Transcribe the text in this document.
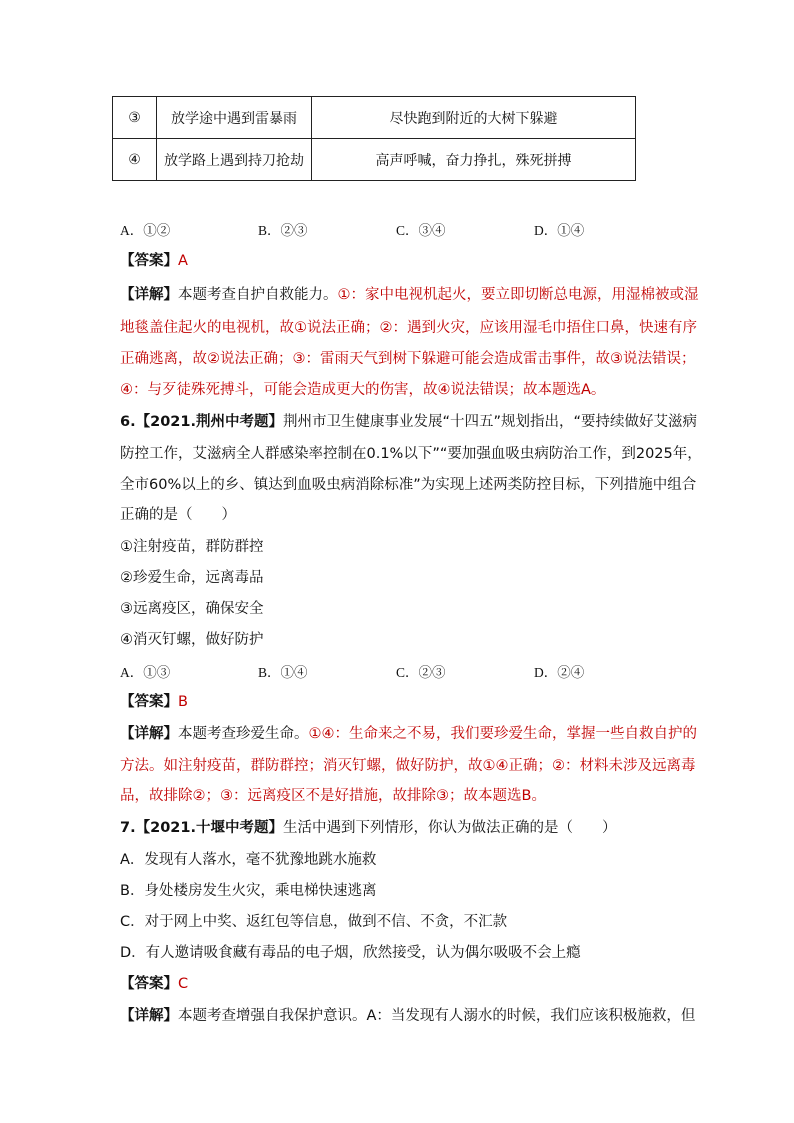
③	放学途中遇到雷暴雨	尽快跑到附近的大树下躲避
④	放学路上遇到持刀抢劫	高声呼喊，奋力挣扎，殊死拼搏
A．①②	B．②③	C．③④	D．①④
【答案】A
【详解】本题考查自护自救能力。①：家中电视机起火，要立即切断总电源，用湿棉被或湿
地毯盖住起火的电视机，故①说法正确；②：遇到火灾，应该用湿毛巾捂住口鼻，快速有序
正确逃离，故②说法正确；③：雷雨天气到树下躲避可能会造成雷击事件，故③说法错误；
④：与歹徒殊死搏斗，可能会造成更大的伤害，故④说法错误；故本题选A。
6.【2021.荆州中考题】荆州市卫生健康事业发展“十四五”规划指出，“要持续做好艾滋病
防控工作，艾滋病全人群感染率控制在0.1%以下”“要加强血吸虫病防治工作，到2025年，
全市60%以上的乡、镇达到血吸虫病消除标准”为实现上述两类防控目标，下列措施中组合
正确的是（　　）
①注射疫苗，群防群控
②珍爱生命，远离毒品
③远离疫区，确保安全
④消灭钉螺，做好防护
A．①③	B．①④	C．②③	D．②④
【答案】B
【详解】本题考查珍爱生命。①④：生命来之不易，我们要珍爱生命，掌握一些自救自护的
方法。如注射疫苗，群防群控；消灭钉螺，做好防护，故①④正确；②：材料未涉及远离毒
品，故排除②；③：远离疫区不是好措施，故排除③；故本题选B。
7.【2021.十堰中考题】生活中遇到下列情形，你认为做法正确的是（　　）
A．发现有人落水，毫不犹豫地跳水施救
B．身处楼房发生火灾，乘电梯快速逃离
C．对于网上中奖、返红包等信息，做到不信、不贪，不汇款
D．有人邀请吸食藏有毒品的电子烟，欣然接受，认为偶尔吸吸不会上瘾
【答案】C
【详解】本题考查增强自我保护意识。A：当发现有人溺水的时候，我们应该积极施救，但
